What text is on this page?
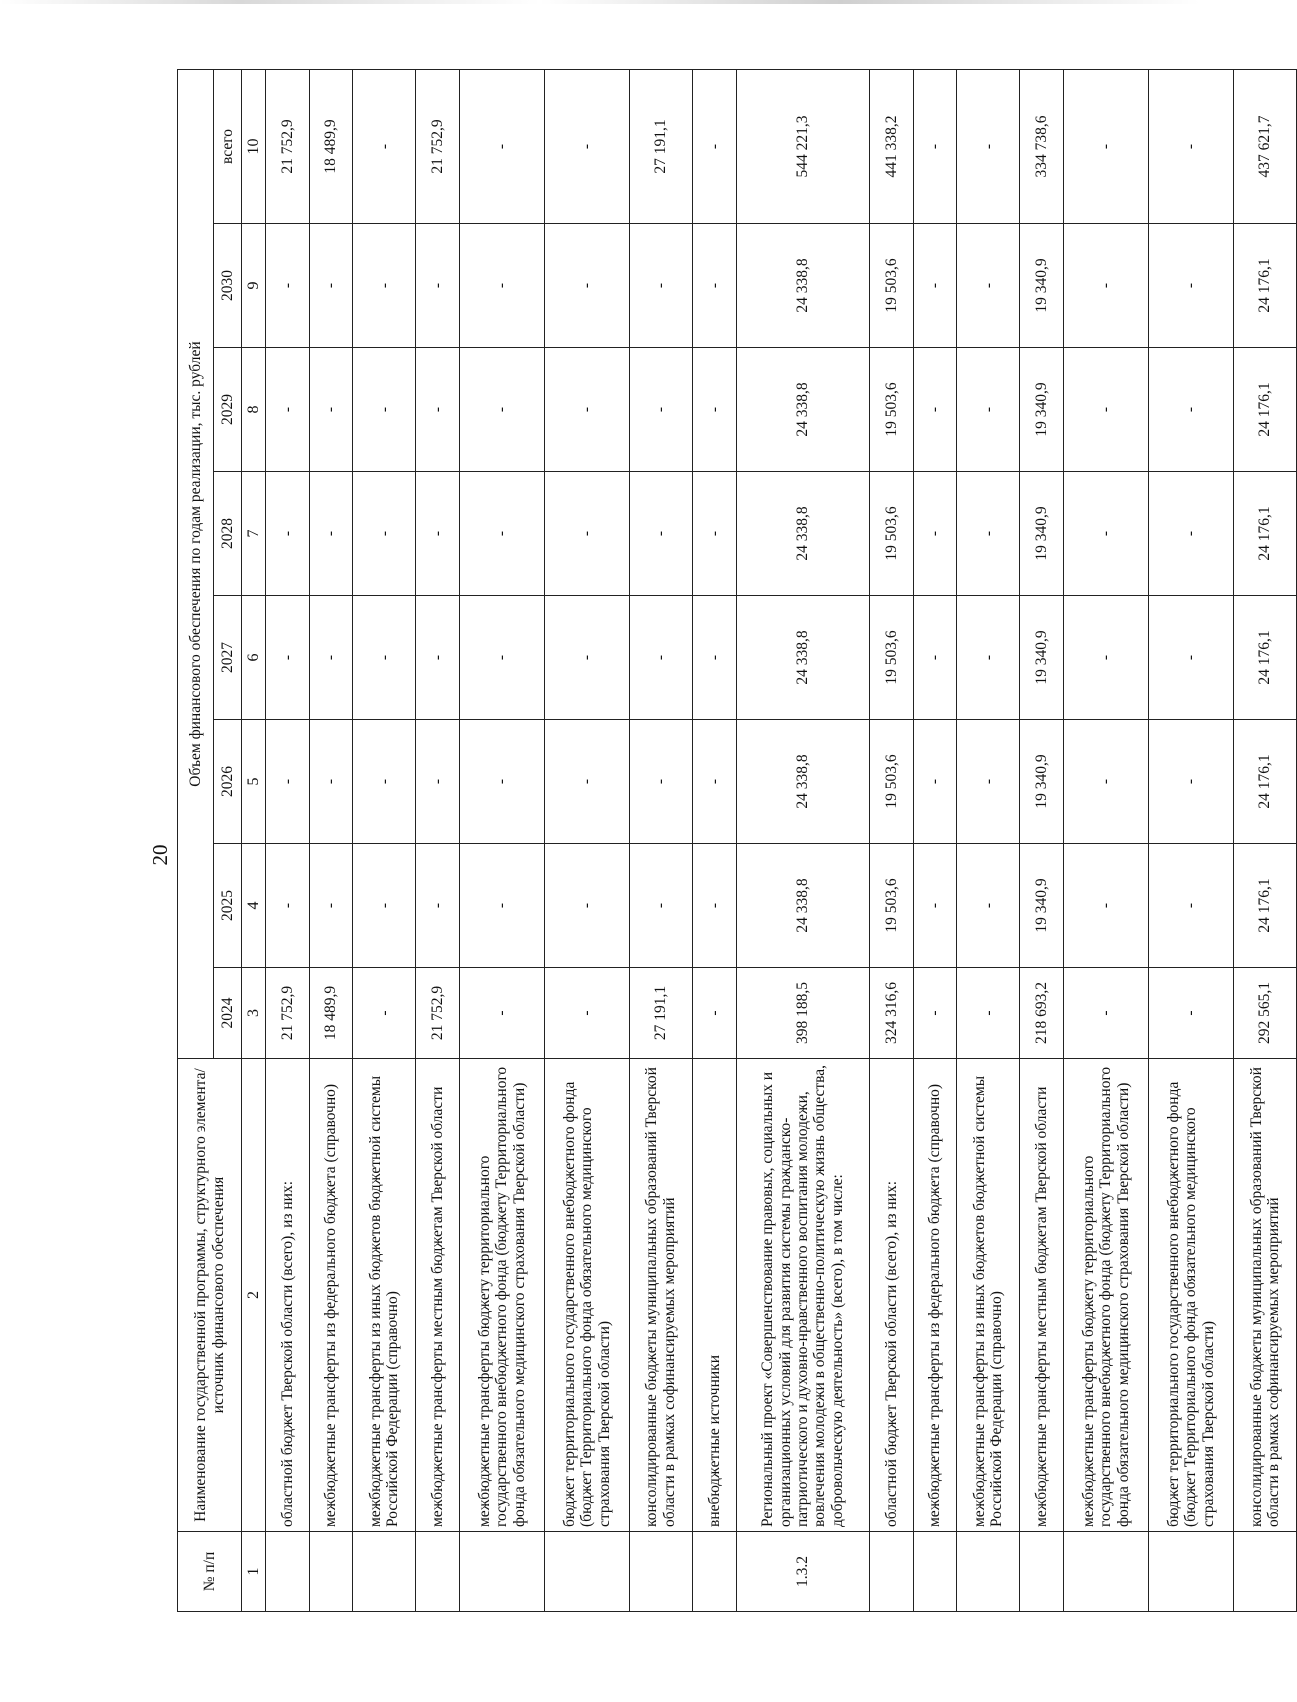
20
№ п/п	Наименование государственной программы, структурного элемента/источник финансового обеспечения	Объем финансового обеспечения по годам реализации, тыс. рублей							
		2024	2025	2026	2027	2028	2029	2030	всего
1	2	3	4	5	6	7	8	9	10
	областной бюджет Тверской области (всего), из них:	21 752,9	-	-	-	-	-	-	21 752,9
	межбюджетные трансферты из федерального бюджета (справочно)	18 489,9	-	-	-	-	-	-	18 489,9
	межбюджетные трансферты из иных бюджетов бюджетной системы Российской Федерации (справочно)	-	-	-	-	-	-	-	-
	межбюджетные трансферты местным бюджетам Тверской области	21 752,9	-	-	-	-	-	-	21 752,9
	межбюджетные трансферты бюджету территориального государственного внебюджетного фонда (бюджету Территориального фонда обязательного медицинского страхования Тверской области)	-	-	-	-	-	-	-	-
	бюджет территориального государственного внебюджетного фонда (бюджет Территориального фонда обязательного медицинского страхования Тверской области)	-	-	-	-	-	-	-	-
	консолидированные бюджеты муниципальных образований Тверской области в рамках софинансируемых мероприятий	27 191,1	-	-	-	-	-	-	27 191,1
	внебюджетные источники	-	-	-	-	-	-	-	-
1.3.2	Региональный проект «Совершенствование правовых, социальных и организационных условий для развития системы гражданско-патриотического и духовно-нравственного воспитания молодежи, вовлечения молодежи в общественно-политическую жизнь общества, добровольческую деятельность» (всего), в том числе:	398 188,5	24 338,8	24 338,8	24 338,8	24 338,8	24 338,8	24 338,8	544 221,3
	областной бюджет Тверской области (всего), из них:	324 316,6	19 503,6	19 503,6	19 503,6	19 503,6	19 503,6	19 503,6	441 338,2
	межбюджетные трансферты из федерального бюджета (справочно)	-	-	-	-	-	-	-	-
	межбюджетные трансферты из иных бюджетов бюджетной системы Российской Федерации (справочно)	-	-	-	-	-	-	-	-
	межбюджетные трансферты местным бюджетам Тверской области	218 693,2	19 340,9	19 340,9	19 340,9	19 340,9	19 340,9	19 340,9	334 738,6
	межбюджетные трансферты бюджету территориального государственного внебюджетного фонда (бюджету Территориального фонда обязательного медицинского страхования Тверской области)	-	-	-	-	-	-	-	-
	бюджет территориального государственного внебюджетного фонда (бюджет Территориального фонда обязательного медицинского страхования Тверской области)	-	-	-	-	-	-	-	-
	консолидированные бюджеты муниципальных образований Тверской области в рамках софинансируемых мероприятий	292 565,1	24 176,1	24 176,1	24 176,1	24 176,1	24 176,1	24 176,1	437 621,7
